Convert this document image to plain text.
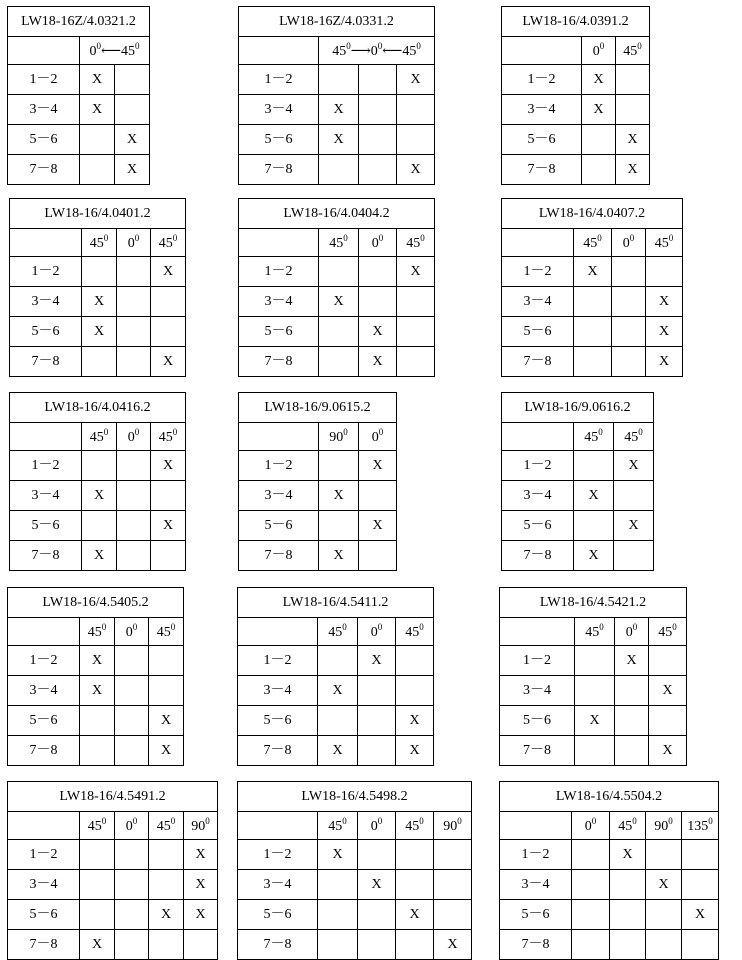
LW18-16Z/4.0321.2		
	$0^0⟵45^0$
1－2	X	
3－4	X	
5－6		X
7－8		X
LW18-16Z/4.0331.2			
	$45^0⟶0^0⟵45^0$
1－2			X
3－4	X		
5－6	X		
7－8			X
LW18-16/4.0391.2		
	$0^0$	$45^0$
1－2	X	
3－4	X	
5－6		X
7－8		X
LW18-16/4.0401.2			
	$45^0$	$0^0$	$45^0$
1－2			X
3－4	X		
5－6	X		
7－8			X
LW18-16/4.0404.2			
	$45^0$	$0^0$	$45^0$
1－2			X
3－4	X		
5－6		X	
7－8		X	
LW18-16/4.0407.2			
	$45^0$	$0^0$	$45^0$
1－2	X		
3－4			X
5－6			X
7－8			X
LW18-16/4.0416.2			
	$45^0$	$0^0$	$45^0$
1－2			X
3－4	X		
5－6			X
7－8	X		
LW18-16/9.0615.2		
	$90^0$	$0^0$
1－2		X
3－4	X	
5－6		X
7－8	X	
LW18-16/9.0616.2		
	$45^0$	$45^0$
1－2		X
3－4	X	
5－6		X
7－8	X	
LW18-16/4.5405.2			
	$45^0$	$0^0$	$45^0$
1－2	X		
3－4	X		
5－6			X
7－8			X
LW18-16/4.5411.2			
	$45^0$	$0^0$	$45^0$
1－2		X	
3－4	X		
5－6			X
7－8	X		X
LW18-16/4.5421.2			
	$45^0$	$0^0$	$45^0$
1－2		X	
3－4			X
5－6	X		
7－8			X
LW18-16/4.5491.2				
	$45^0$	$0^0$	$45^0$	$90^0$
1－2				X
3－4				X
5－6			X	X
7－8	X			
LW18-16/4.5498.2				
	$45^0$	$0^0$	$45^0$	$90^0$
1－2	X			
3－4		X		
5－6			X	
7－8				X
LW18-16/4.5504.2				
	$0^0$	$45^0$	$90^0$	$135^0$
1－2		X		
3－4			X	
5－6				X
7－8				
